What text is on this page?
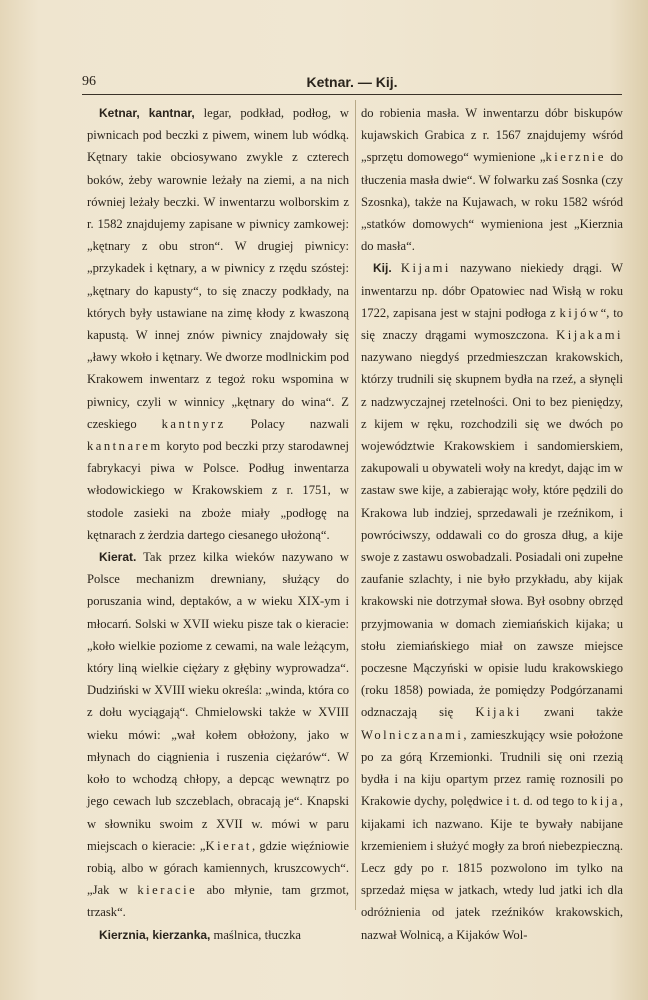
96	Ketnar. — Kij.

Ketnar, kantnar, legar, podkład, podłog, w piwnicach pod beczki z piwem, winem lub wódką. Kętnary takie obciosywano zwykle z czterech boków, żeby warownie leżały na ziemi, a na nich równiej leżały beczki. W inwentarzu wolborskim z r. 1582 znajdujemy zapisane w piwnicy zamkowej: „kętnary z obu stron“. W drugiej piwnicy: „przykadek i kętnary, a w piwnicy z rzędu szóstej: „kętnary do kapusty“, to się znaczy podkłady, na których były ustawiane na zimę kłody z kwaszoną kapustą. W innej znów piwnicy znajdowały się „ławy wkoło i kętnary. We dworze modlnickim pod Krakowem inwentarz z tegoż roku wspomina w piwnicy, czyli w winnicy „kętnary do wina“. Z czeskiego kantnyrz Polacy nazwali kantnarem koryto pod beczki przy starodawnej fabrykacyi piwa w Polsce. Podług inwentarza włodowickiego w Krakowskiem z r. 1751, w stodole zasieki na zboże miały „podłogę na kętnarach z żerdzia dartego ciesanego ułożoną“.

Kierat. Tak przez kilka wieków nazywano w Polsce mechanizm drewniany, służący do poruszania wind, deptaków, a w wieku XIX-ym i młocarń. Solski w XVII wieku pisze tak o kieracie: „koło wielkie poziome z cewami, na wale leżącym, który liną wielkie ciężary z głębiny wyprowadza“. Dudziński w XVIII wieku określa: „winda, która co z dołu wyciągają“. Chmielowski także w XVIII wieku mówi: „wał kołem obłożony, jako w młynach do ciągnienia i ruszenia ciężarów“. W koło to wchodzą chłopy, a depcąc wewnątrz po jego cewach lub szczeblach, obracają je“. Knapski w słowniku swoim z XVII w. mówi w paru miejscach o kieracie: „Kierat, gdzie więźniowie robią, albo w górach kamiennych, kruszcowych“. „Jak w kieracie abo młynie, tam grzmot, trzask“.

Kierznia, kierzanka, maślnica, tłuczka

do robienia masła. W inwentarzu dóbr biskupów kujawskich Grabica z r. 1567 znajdujemy wśród „sprzętu domowego“ wymienione „kierznie do tłuczenia masła dwie“. W folwarku zaś Sosnka (czy Szosnka), także na Kujawach, w roku 1582 wśród „statków domowych“ wymieniona jest „Kierznia do masła“.

Kij. Kijami nazywano niekiedy drągi. W inwentarzu np. dóbr Opatowiec nad Wisłą w roku 1722, zapisana jest w stajni podłoga z kijów“, to się znaczy drągami wymoszczona. Kijakami nazywano niegdyś przedmieszczan krakowskich, którzy trudnili się skupnem bydła na rzeź, a słynęli z nadzwyczajnej rzetelności. Oni to bez pieniędzy, z kijem w ręku, rozchodzili się we dwóch po województwie Krakowskiem i sandomierskiem, zakupowali u obywateli woły na kredyt, dając im w zastaw swe kije, a zabierając woły, które pędzili do Krakowa lub indziej, sprzedawali je rzeźnikom, i powróciwszy, oddawali co do grosza dług, a kije swoje z zastawu oswobadzali. Posiadali oni zupełne zaufanie szlachty, i nie było przykładu, aby kijak krakowski nie dotrzymał słowa. Był osobny obrzęd przyjmowania w domach ziemiańskich kijaka; u stołu ziemiańskiego miał on zawsze miejsce poczesne Mączyński w opisie ludu krakowskiego (roku 1858) powiada, że pomiędzy Podgórzanami odznaczają się Kijaki zwani także Wolniczanami, zamieszkujący wsie położone po za górą Krzemionki. Trudnili się oni rzezią bydła i na kiju opartym przez ramię roznosili po Krakowie dychy, polędwice i t. d. od tego to kija, kijakami ich nazwano. Kije te bywały nabijane krzemieniem i służyć mogły za broń niebezpieczną. Lecz gdy po r. 1815 pozwolono im tylko na sprzedaż mięsa w jatkach, wtedy lud jatki ich dla odróżnienia od jatek rzeźników krakowskich, nazwał Wolnicą, a Kijaków Wol-
